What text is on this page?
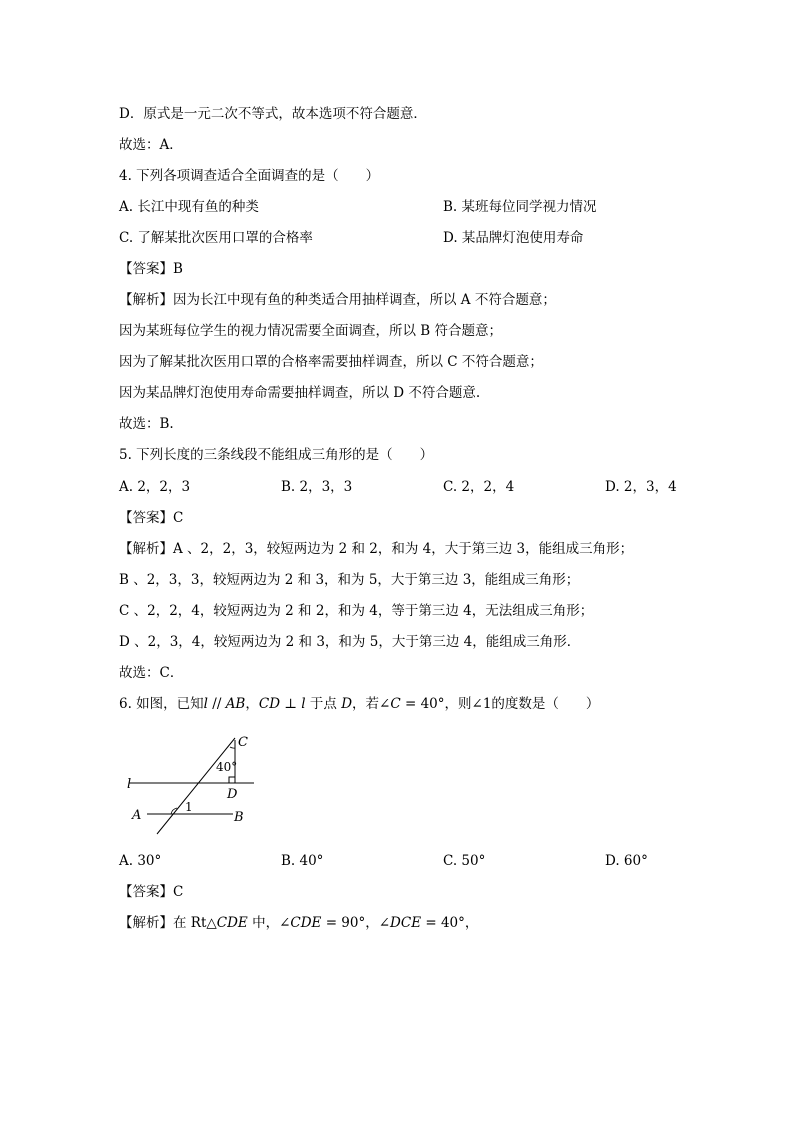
D．原式是一元二次不等式，故本选项不符合题意．
故选：A．
4. 下列各项调查适合全面调查的是（　　）
A. 长江中现有鱼的种类	B. 某班每位同学视力情况
C. 了解某批次医用口罩的合格率	D. 某品牌灯泡使用寿命
【答案】B
【解析】因为长江中现有鱼的种类适合用抽样调查，所以 A 不符合题意；
因为某班每位学生的视力情况需要全面调查，所以 B 符合题意；
因为了解某批次医用口罩的合格率需要抽样调查，所以 C 不符合题意；
因为某品牌灯泡使用寿命需要抽样调查，所以 D 不符合题意.
故选：B.
5. 下列长度的三条线段不能组成三角形的是（　　）
A. 2，2，3	B. 2，3，3	C. 2，2，4	D. 2，3，4
【答案】C
【解析】A 、2，2，3，较短两边为 2 和 2，和为 4，大于第三边 3，能组成三角形；
B 、2，3，3，较短两边为 2 和 3，和为 5，大于第三边 3，能组成三角形；
C 、2，2，4，较短两边为 2 和 2，和为 4，等于第三边 4，无法组成三角形；
D 、2，3，4，较短两边为 2 和 3，和为 5，大于第三边 4，能组成三角形．
故选：C．
6. 如图，已知l // AB，CD ⊥ l 于点 D，若∠C = 40°，则∠1的度数是（　　）
C
40°
l
D
A
1
B
A. 30°	B. 40°	C. 50°	D. 60°
【答案】C
【解析】在 Rt△CDE 中，∠CDE = 90°，∠DCE = 40°，
